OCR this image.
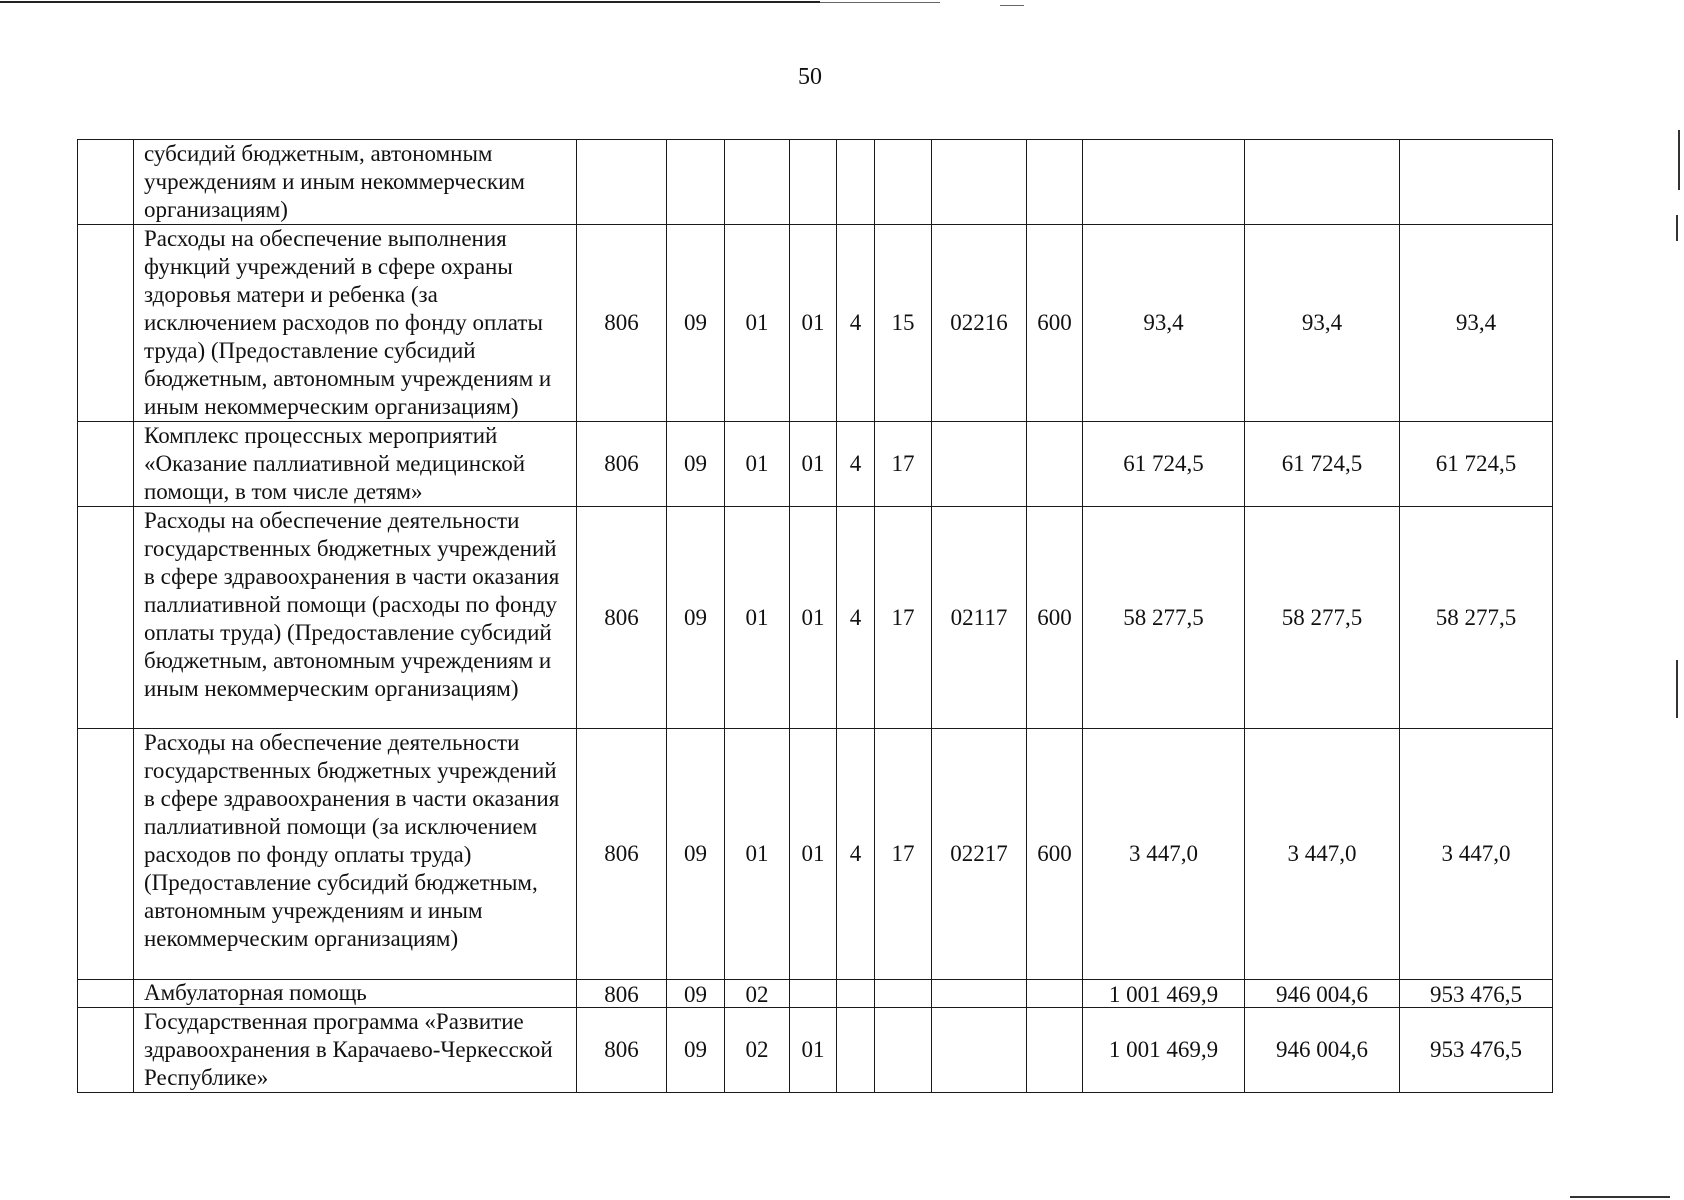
50
	субсидий бюджетным, автономным учреждениям и иным некоммерческим организациям)											
	Расходы на обеспечение выполнения функций учреждений в сфере охраны здоровья матери и ребенка (за исключением расходов по фонду оплаты труда) (Предоставление субсидий бюджетным, автономным учреждениям и иным некоммерческим организациям)	806	09	01	01	4	15	02216	600	93,4	93,4	93,4
	Комплекс процессных мероприятий «Оказание паллиативной медицинской помощи, в том числе детям»	806	09	01	01	4	17			61 724,5	61 724,5	61 724,5
	Расходы на обеспечение деятельности государственных бюджетных учреждений в сфере здравоохранения в части оказания паллиативной помощи (расходы по фонду оплаты труда) (Предоставление субсидий бюджетным, автономным учреждениям и иным некоммерческим организациям)	806	09	01	01	4	17	02117	600	58 277,5	58 277,5	58 277,5
	Расходы на обеспечение деятельности государственных бюджетных учреждений в сфере здравоохранения в части оказания паллиативной помощи (за исключением расходов по фонду оплаты труда) (Предоставление субсидий бюджетным, автономным учреждениям и иным некоммерческим организациям)	806	09	01	01	4	17	02217	600	3 447,0	3 447,0	3 447,0
	Амбулаторная помощь	806	09	02						1 001 469,9	946 004,6	953 476,5
	Государственная программа «Развитие здравоохранения в Карачаево-Черкесской Республике»	806	09	02	01					1 001 469,9	946 004,6	953 476,5
